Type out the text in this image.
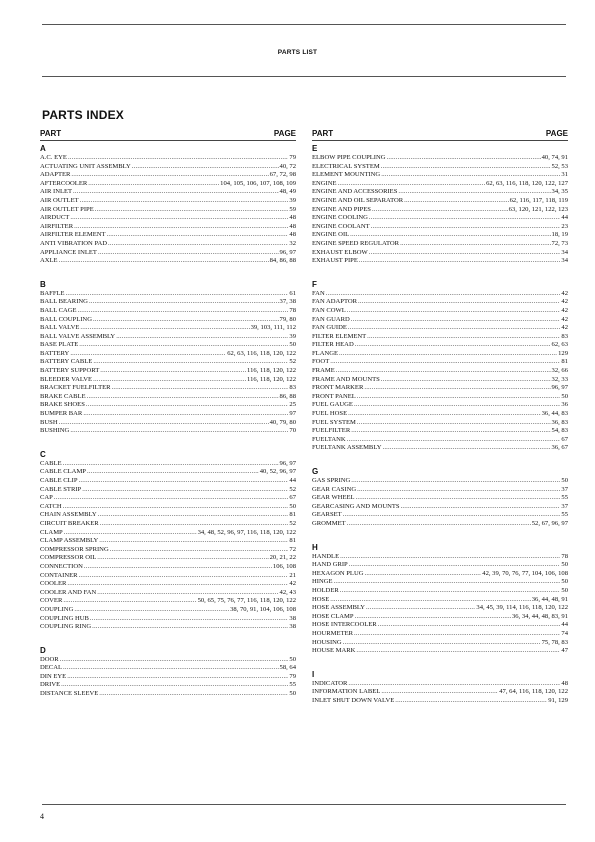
PARTS LIST
PARTS INDEX
PART	PAGE
A
A.C. EYE .....	79
ACTUATING UNIT ASSEMBLY .....	40, 72
ADAPTER .....	67, 72, 98
AFTERCOOLER .....	104, 105, 106, 107, 108, 109
AIR INLET .....	48, 49
AIR OUTLET .....	39
AIR OUTLET PIPE .....	59
AIRDUCT .....	48
AIRFILTER .....	48
AIRFILTER ELEMENT .....	48
ANTI VIBRATION PAD .....	32
APPLIANCE INLET .....	96, 97
AXLE .....	84, 86, 88
B
BAFFLE .....	61
BALL BEARING .....	37, 38
BALL CAGE .....	78
BALL COUPLING .....	79, 80
BALL VALVE .....	39, 103, 111, 112
BALL VALVE ASSEMBLY .....	39
BASE PLATE .....	50
BATTERY .....	62, 63, 116, 118, 120, 122
BATTERY CABLE .....	52
BATTERY SUPPORT .....	116, 118, 120, 122
BLEEDER VALVE .....	116, 118, 120, 122
BRACKET FUELFILTER .....	83
BRAKE CABLE .....	86, 88
BRAKE SHOES .....	25
BUMPER BAR .....	97
BUSH .....	40, 79, 80
BUSHING .....	70
C
CABLE .....	96, 97
CABLE CLAMP .....	40, 52, 96, 97
CABLE CLIP .....	44
CABLE STRIP .....	52
CAP .....	67
CATCH .....	50
CHAIN ASSEMBLY .....	81
CIRCUIT BREAKER .....	52
CLAMP .....	34, 48, 52, 96, 97, 116, 118, 120, 122
CLAMP ASSEMBLY .....	81
COMPRESSOR SPRING .....	72
COMPRESSOR OIL .....	20, 21, 22
CONNECTION .....	106, 108
CONTAINER .....	21
COOLER .....	42
COOLER AND FAN .....	42, 43
COVER .....	50, 65, 75, 76, 77, 116, 118, 120, 122
COUPLING .....	38, 70, 91, 104, 106, 108
COUPLING HUB .....	38
COUPLING RING .....	38
D
DOOR .....	50
DECAL .....	58, 64
DIN EYE .....	79
DRIVE .....	55
DISTANCE SLEEVE .....	50
PART	PAGE
E
ELBOW PIPE COUPLING .....	40, 74, 91
ELECTRICAL SYSTEM .....	52, 53
ELEMENT MOUNTING .....	31
ENGINE .....	62, 63, 116, 118, 120, 122, 127
ENGINE AND ACCESSORIES .....	34, 35
ENGINE AND OIL SEPARATOR .....	62, 116, 117, 118, 119
ENGINE AND PIPES .....	63, 120, 121, 122, 123
ENGINE COOLING .....	44
ENGINE COOLANT .....	23
ENGINE OIL .....	18, 19
ENGINE SPEED REGULATOR .....	72, 73
EXHAUST ELBOW .....	34
EXHAUST PIPE .....	34
F
FAN .....	42
FAN ADAPTOR .....	42
FAN COWL .....	42
FAN GUARD .....	42
FAN GUIDE .....	42
FILTER ELEMENT .....	83
FILTER HEAD .....	62, 63
FLANGE .....	129
FOOT .....	81
FRAME .....	32, 66
FRAME AND MOUNTS .....	32, 33
FRONT MARKER .....	96, 97
FRONT PANEL .....	50
FUEL GAUGE .....	36
FUEL HOSE .....	36, 44, 83
FUEL SYSTEM .....	36, 83
FUELFILTER .....	54, 83
FUELTANK .....	67
FUELTANK ASSEMBLY .....	36, 67
G
GAS SPRING .....	50
GEAR CASING .....	37
GEAR WHEEL .....	55
GEARCASING AND MOUNTS .....	37
GEARSET .....	55
GROMMET .....	52, 67, 96, 97
H
HANDLE .....	78
HAND GRIP .....	50
HEXAGON PLUG .....	42, 39, 70, 76, 77, 104, 106, 108
HINGE .....	50
HOLDER .....	50
HOSE .....	36, 44, 48, 91
HOSE ASSEMBLY .....	34, 45, 39, 114, 116, 118, 120, 122
HOSE CLAMP .....	36, 34, 44, 48, 83, 91
HOSE INTERCOOLER .....	44
HOURMETER .....	74
HOUSING .....	75, 78, 83
HOUSE MARK .....	47
I
INDICATOR .....	48
INFORMATION LABEL .....	47, 64, 116, 118, 120, 122
INLET SHUT DOWN VALVE .....	91, 129
4
